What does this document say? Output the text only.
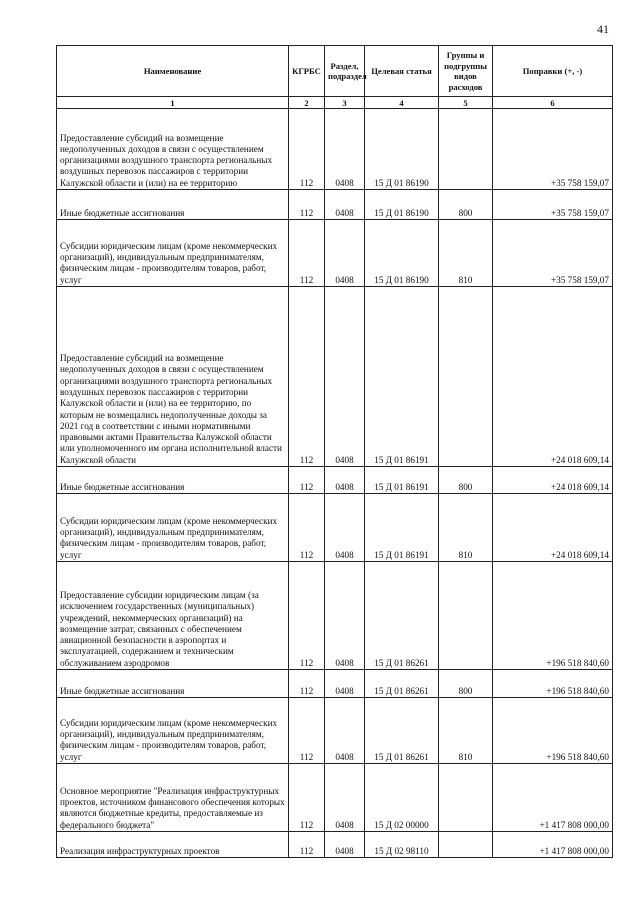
41
Наименование	КГРБС	Раздел, подраздел	Целевая статья	Группы и подгруппы видов расходов	Поправки (+, -)
1	2	3	4	5	6
Предоставление субсидий на возмещение недополученных доходов в связи с осуществлением организациями воздушного транспорта региональных воздушных перевозок пассажиров с территории Калужской области и (или) на ее территорию	112	0408	15 Д 01 86190		+35 758 159,07
Иные бюджетные ассигнования	112	0408	15 Д 01 86190	800	+35 758 159,07
Субсидии юридическим лицам (кроме некоммерческих организаций), индивидуальным предпринимателям, физическим лицам - производителям товаров, работ, услуг	112	0408	15 Д 01 86190	810	+35 758 159,07
Предоставление субсидий на возмещение недополученных доходов в связи с осуществлением организациями воздушного транспорта региональных воздушных перевозок пассажиров с территории Калужской области и (или) на ее территорию, по которым не возмещались недополученные доходы за 2021 год в соответствии с иными нормативными правовыми актами Правительства Калужской области или уполномоченного им органа исполнительной власти Калужской области	112	0408	15 Д 01 86191		+24 018 609,14
Иные бюджетные ассигнования	112	0408	15 Д 01 86191	800	+24 018 609,14
Субсидии юридическим лицам (кроме некоммерческих организаций), индивидуальным предпринимателям, физическим лицам - производителям товаров, работ, услуг	112	0408	15 Д 01 86191	810	+24 018 609,14
Предоставление субсидии юридическим лицам (за исключением государственных (муниципальных) учреждений, некоммерческих организаций) на возмещение затрат, связанных с обеспечением авиационной безопасности в аэропортах и эксплуатацией, содержанием и техническим обслуживанием аэродромов	112	0408	15 Д 01 86261		+196 518 840,60
Иные бюджетные ассигнования	112	0408	15 Д 01 86261	800	+196 518 840,60
Субсидии юридическим лицам (кроме некоммерческих организаций), индивидуальным предпринимателям, физическим лицам - производителям товаров, работ, услуг	112	0408	15 Д 01 86261	810	+196 518 840,60
Основное мероприятие "Реализация инфраструктурных проектов, источником финансового обеспечения которых являются бюджетные кредиты, предоставляемые из федерального бюджета"	112	0408	15 Д 02 00000		+1 417 808 000,00
Реализация инфраструктурных проектов	112	0408	15 Д 02 98110		+1 417 808 000,00
